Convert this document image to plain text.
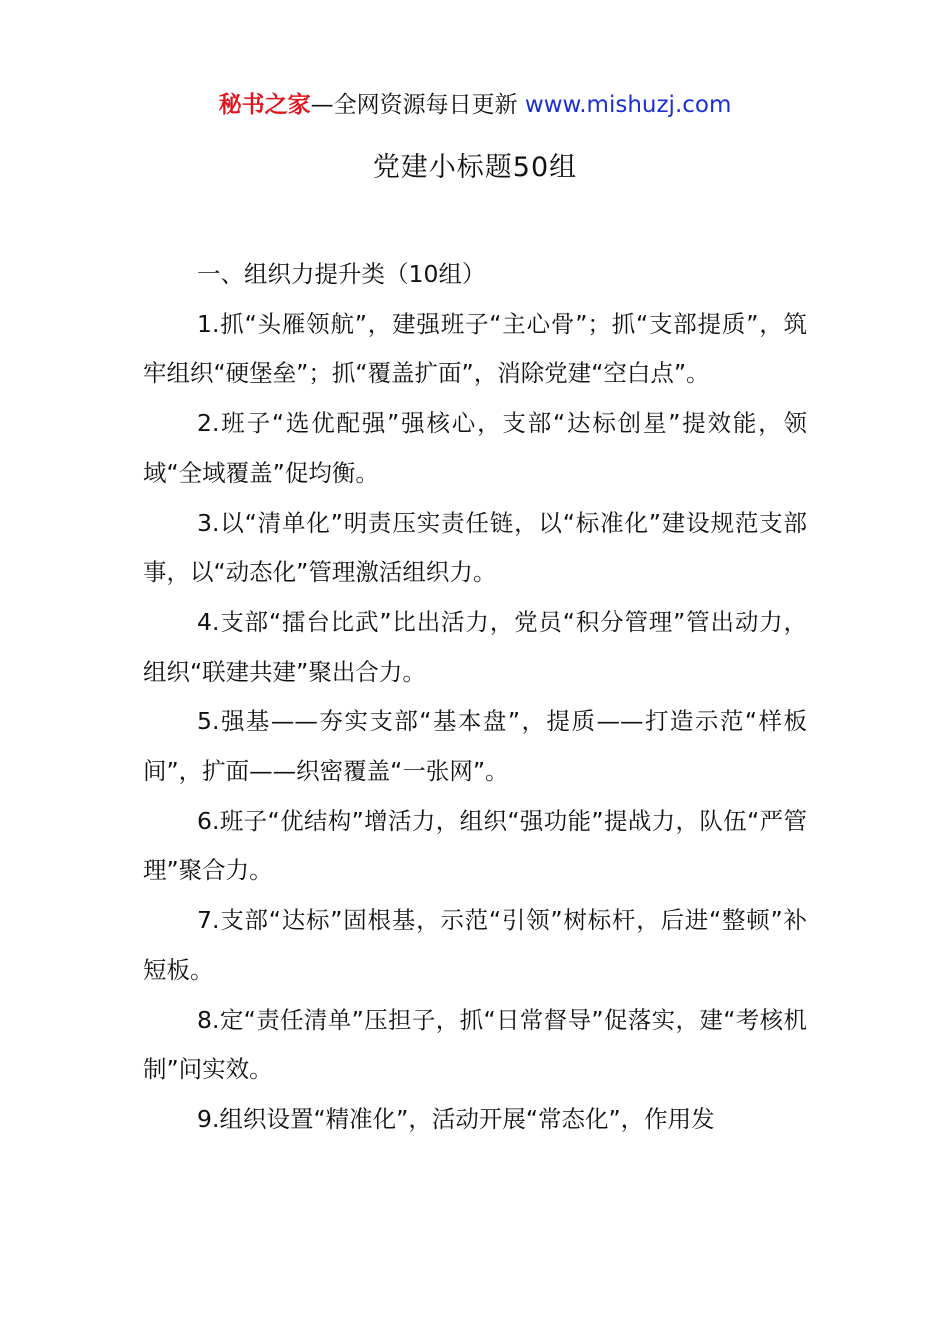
秘书之家—全网资源每日更新 www.mishuzj.com
党建小标题50组

一、组织力提升类（10组）

1.抓“头雁领航”，建强班子“主心骨”；抓“支部提质”，筑牢组织“硬堡垒”；抓“覆盖扩面”，消除党建“空白点”。

2.班子“选优配强”强核心，支部“达标创星”提效能，领域“全域覆盖”促均衡。

3.以“清单化”明责压实责任链，以“标准化”建设规范支部事，以“动态化”管理激活组织力。

4.支部“擂台比武”比出活力，党员“积分管理”管出动力，组织“联建共建”聚出合力。

5.强基——夯实支部“基本盘”，提质——打造示范“样板间”，扩面——织密覆盖“一张网”。

6.班子“优结构”增活力，组织“强功能”提战力，队伍“严管理”聚合力。

7.支部“达标”固根基，示范“引领”树标杆，后进“整顿”补短板。

8.定“责任清单”压担子，抓“日常督导”促落实，建“考核机制”问实效。

9.组织设置“精准化”，活动开展“常态化”，作用发
